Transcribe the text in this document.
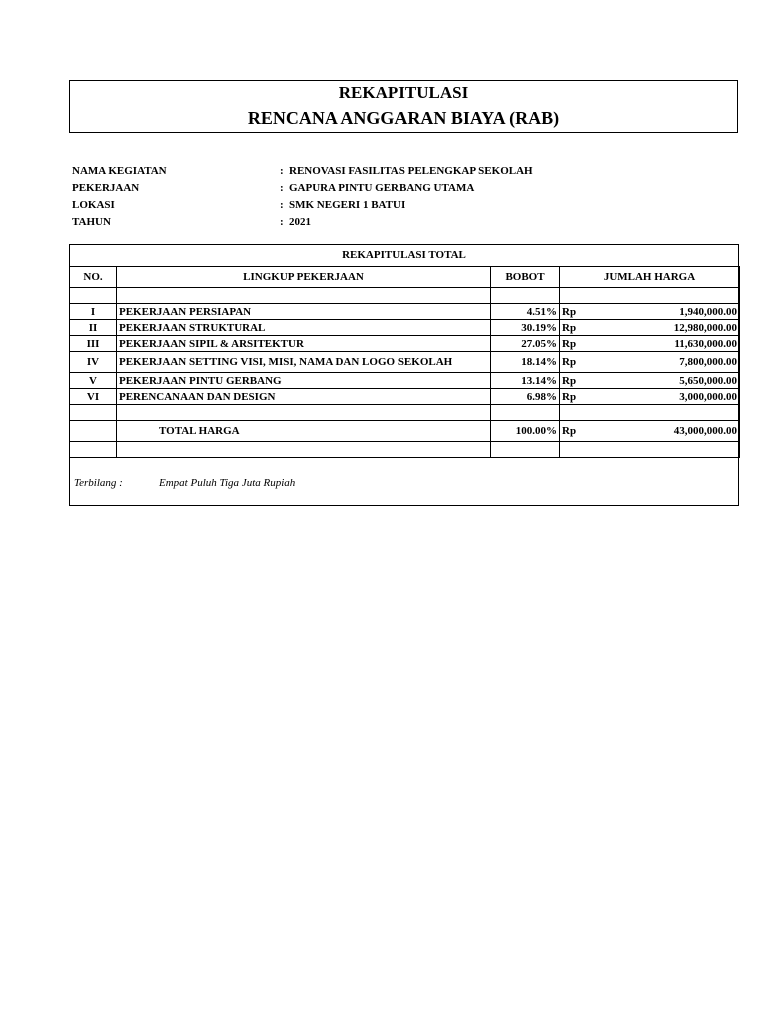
REKAPITULASI
RENCANA ANGGARAN BIAYA (RAB)
NAMA KEGIATAN	: RENOVASI FASILITAS PELENGKAP SEKOLAH
PEKERJAAN	: GAPURA PINTU GERBANG UTAMA
LOKASI	: SMK NEGERI 1 BATUI
TAHUN	: 2021
REKAPITULASI TOTAL
NO.	LINGKUP PEKERJAAN	BOBOT	JUMLAH HARGA	

I	PEKERJAAN PERSIAPAN	4.51%	Rp	1,940,000.00
II	PEKERJAAN STRUKTURAL	30.19%	Rp	12,980,000.00
III	PEKERJAAN SIPIL & ARSITEKTUR	27.05%	Rp	11,630,000.00
IV	PEKERJAAN SETTING VISI, MISI, NAMA DAN LOGO SEKOLAH	18.14%	Rp	7,800,000.00
V	PEKERJAAN PINTU GERBANG	13.14%	Rp	5,650,000.00
VI	PERENCANAAN DAN DESIGN	6.98%	Rp	3,000,000.00

	TOTAL HARGA	100.00%	Rp	43,000,000.00

Terbilang :	Empat Puluh Tiga Juta Rupiah
